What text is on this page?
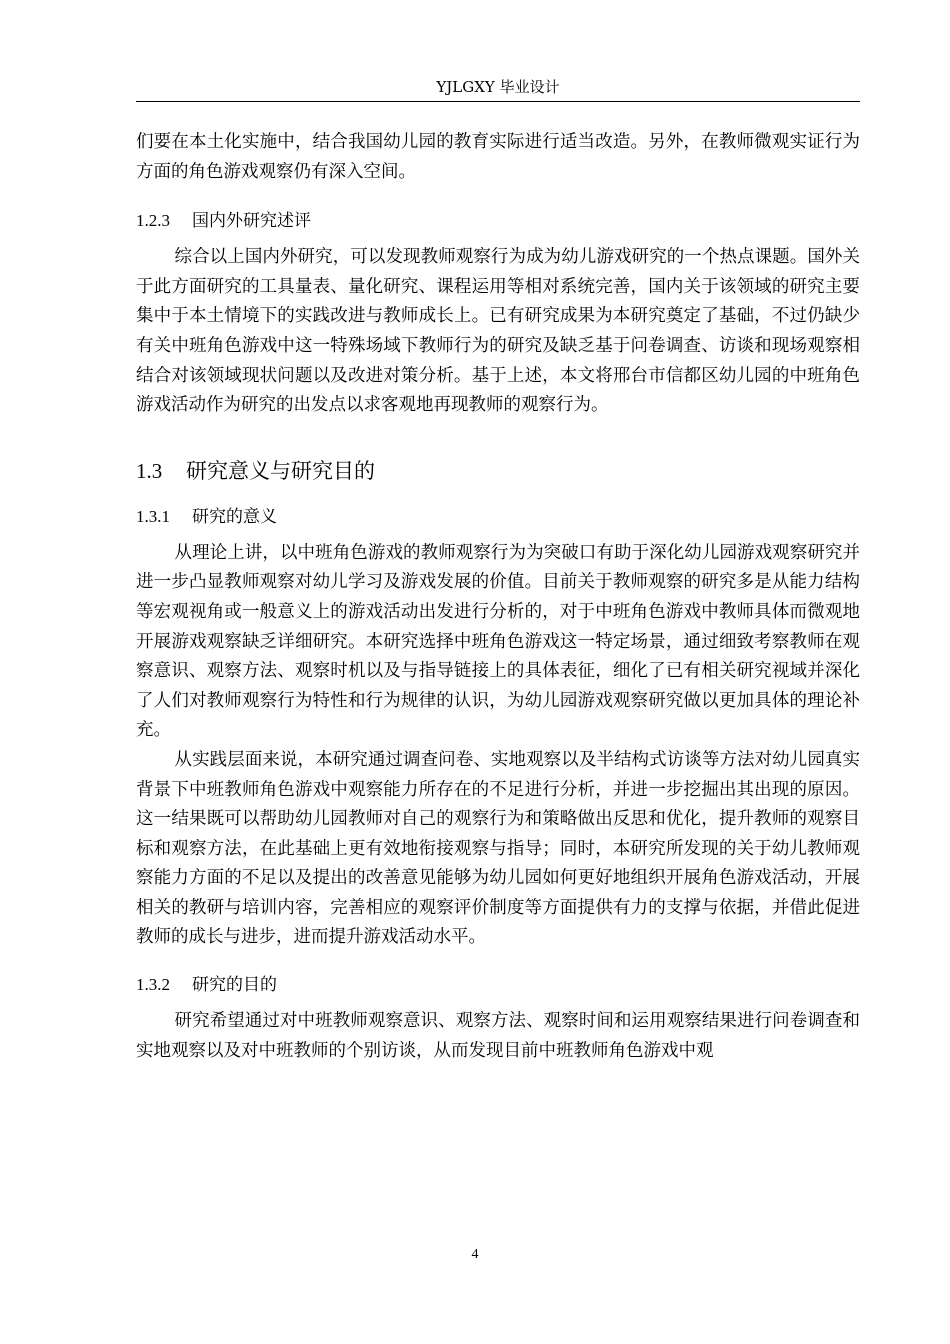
YJLGXY 毕业设计

们要在本土化实施中，结合我国幼儿园的教育实际进行适当改造。另外，在教师微观实证行为方面的角色游戏观察仍有深入空间。

1.2.3 国内外研究述评

综合以上国内外研究，可以发现教师观察行为成为幼儿游戏研究的一个热点课题。国外关于此方面研究的工具量表、量化研究、课程运用等相对系统完善，国内关于该领域的研究主要集中于本土情境下的实践改进与教师成长上。已有研究成果为本研究奠定了基础，不过仍缺少有关中班角色游戏中这一特殊场域下教师行为的研究及缺乏基于问卷调查、访谈和现场观察相结合对该领域现状问题以及改进对策分析。基于上述，本文将邢台市信都区幼儿园的中班角色游戏活动作为研究的出发点以求客观地再现教师的观察行为。

1.3 研究意义与研究目的
1.3.1 研究的意义

从理论上讲，以中班角色游戏的教师观察行为为突破口有助于深化幼儿园游戏观察研究并进一步凸显教师观察对幼儿学习及游戏发展的价值。目前关于教师观察的研究多是从能力结构等宏观视角或一般意义上的游戏活动出发进行分析的，对于中班角色游戏中教师具体而微观地开展游戏观察缺乏详细研究。本研究选择中班角色游戏这一特定场景，通过细致考察教师在观察意识、观察方法、观察时机以及与指导链接上的具体表征，细化了已有相关研究视域并深化了人们对教师观察行为特性和行为规律的认识，为幼儿园游戏观察研究做以更加具体的理论补充。

从实践层面来说，本研究通过调查问卷、实地观察以及半结构式访谈等方法对幼儿园真实背景下中班教师角色游戏中观察能力所存在的不足进行分析，并进一步挖掘出其出现的原因。这一结果既可以帮助幼儿园教师对自己的观察行为和策略做出反思和优化，提升教师的观察目标和观察方法，在此基础上更有效地衔接观察与指导；同时，本研究所发现的关于幼儿教师观察能力方面的不足以及提出的改善意见能够为幼儿园如何更好地组织开展角色游戏活动，开展相关的教研与培训内容，完善相应的观察评价制度等方面提供有力的支撑与依据，并借此促进教师的成长与进步，进而提升游戏活动水平。

1.3.2 研究的目的

研究希望通过对中班教师观察意识、观察方法、观察时间和运用观察结果进行问卷调查和实地观察以及对中班教师的个别访谈，从而发现目前中班教师角色游戏中观

4
